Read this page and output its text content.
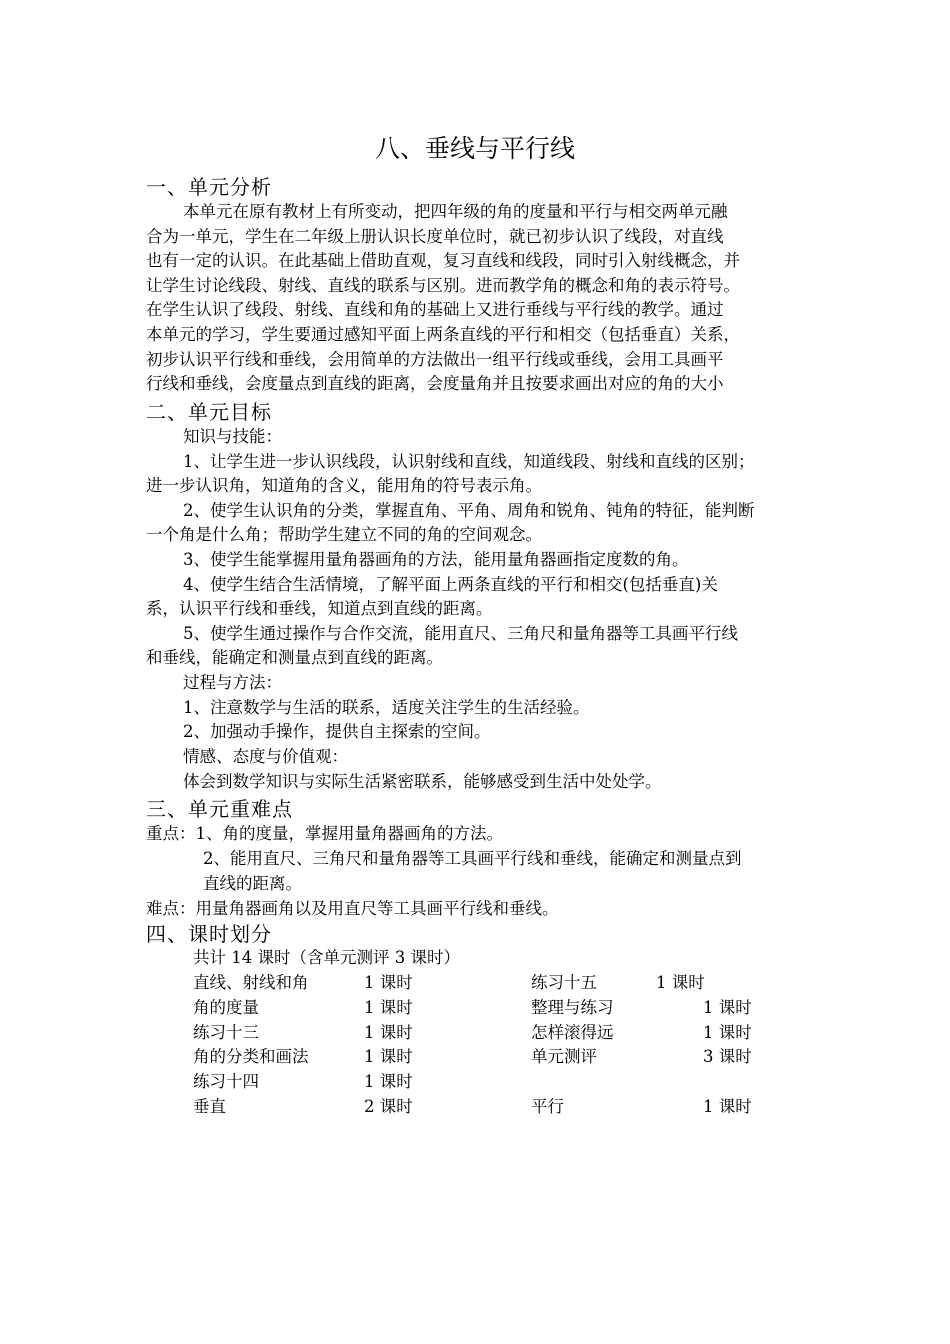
八、垂线与平行线
一、单元分析
本单元在原有教材上有所变动，把四年级的角的度量和平行与相交两单元融
合为一单元，学生在二年级上册认识长度单位时，就已初步认识了线段，对直线
也有一定的认识。在此基础上借助直观，复习直线和线段，同时引入射线概念，并
让学生讨论线段、射线、直线的联系与区别。进而教学角的概念和角的表示符号。
在学生认识了线段、射线、直线和角的基础上又进行垂线与平行线的教学。通过
本单元的学习，学生要通过感知平面上两条直线的平行和相交（包括垂直）关系，
初步认识平行线和垂线，会用简单的方法做出一组平行线或垂线，会用工具画平
行线和垂线，会度量点到直线的距离，会度量角并且按要求画出对应的角的大小
二、单元目标
知识与技能：
1、让学生进一步认识线段，认识射线和直线，知道线段、射线和直线的区别；
进一步认识角，知道角的含义，能用角的符号表示角。
2、使学生认识角的分类，掌握直角、平角、周角和锐角、钝角的特征，能判断
一个角是什么角；帮助学生建立不同的角的空间观念。
3、使学生能掌握用量角器画角的方法，能用量角器画指定度数的角。
4、使学生结合生活情境，了解平面上两条直线的平行和相交(包括垂直)关
系，认识平行线和垂线，知道点到直线的距离。
5、使学生通过操作与合作交流，能用直尺、三角尺和量角器等工具画平行线
和垂线，能确定和测量点到直线的距离。
过程与方法：
1、注意数学与生活的联系，适度关注学生的生活经验。
2、加强动手操作，提供自主探索的空间。
情感、态度与价值观：
体会到数学知识与实际生活紧密联系，能够感受到生活中处处学。
三、单元重难点
重点：1、角的度量，掌握用量角器画角的方法。
2、能用直尺、三角尺和量角器等工具画平行线和垂线，能确定和测量点到
直线的距离。
难点：用量角器画角以及用直尺等工具画平行线和垂线。
四、课时划分
共计 14 课时（含单元测评 3 课时）
直线、射线和角	1 课时	练习十五	1 课时
角的度量	1 课时	整理与练习	1 课时
练习十三	1 课时	怎样滚得远	1 课时
角的分类和画法	1 课时	单元测评	3 课时
练习十四	1 课时
垂直	2 课时	平行	1 课时
